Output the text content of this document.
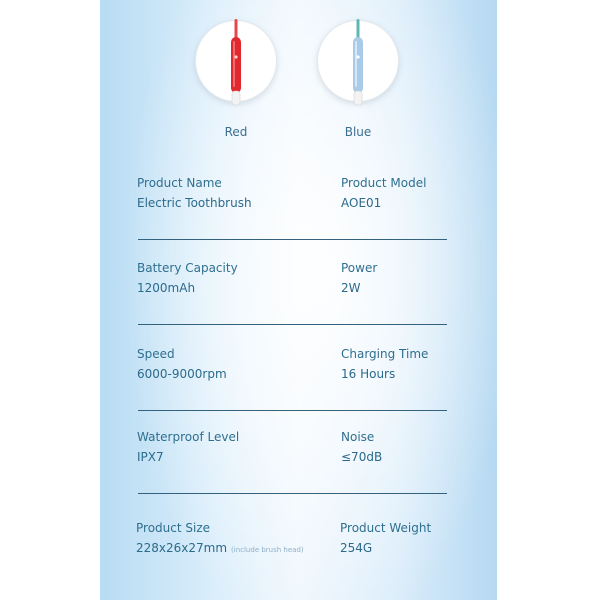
Red	Blue
Product Name
Electric Toothbrush
Product Model
AOE01
Battery Capacity
1200mAh
Power
2W
Speed
6000-9000rpm
Charging Time
16 Hours
Waterproof Level
IPX7
Noise
≤70dB
Product Size
228x26x27mm (include brush head)
Product Weight
254G
